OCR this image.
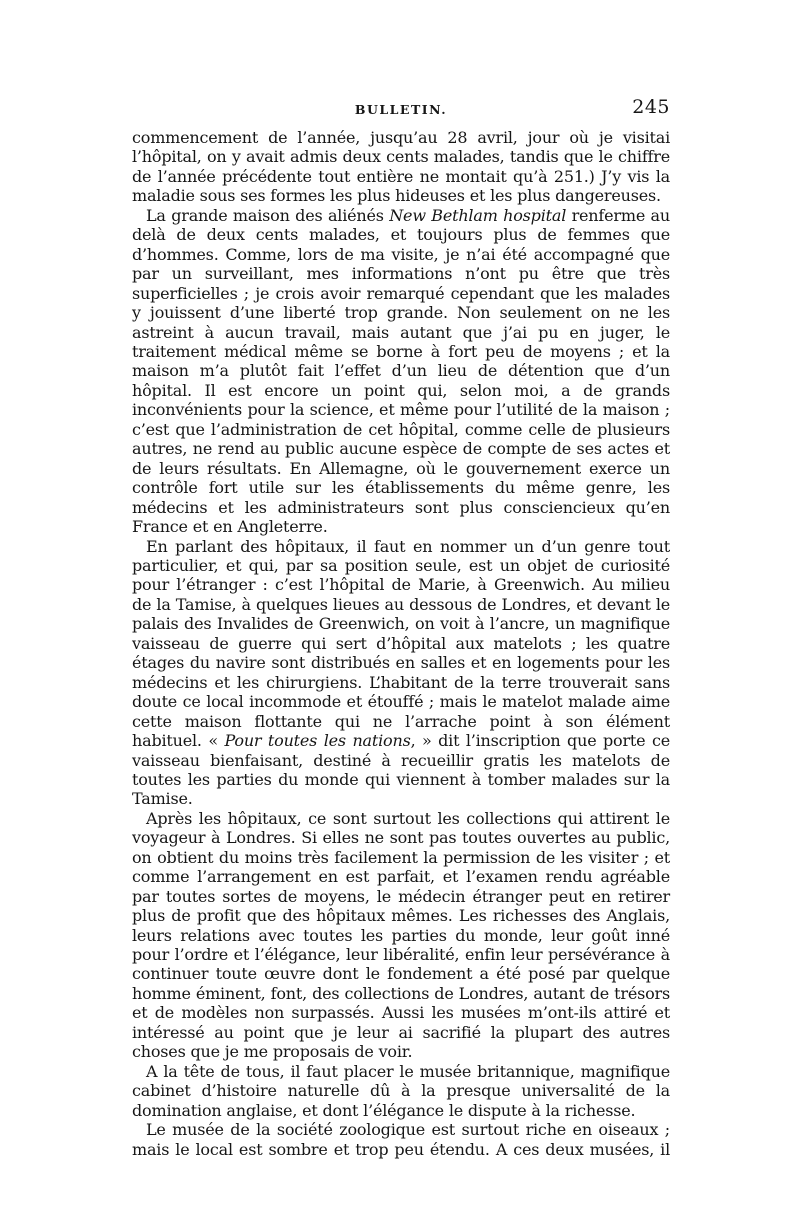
BULLETIN.	245

commencement de l’année, jusqu’au 28 avril, jour où je visitai l’hôpital, on y avait admis deux cents malades, tandis que le chiffre de l’année précédente tout entière ne montait qu’à 251.) J’y vis la maladie sous ses formes les plus hideuses et les plus dangereuses.

La grande maison des aliénés New Bethlam hospital renferme au delà de deux cents malades, et toujours plus de femmes que d’hommes. Comme, lors de ma visite, je n’ai été accompagné que par un surveillant, mes informations n’ont pu être que très superficielles ; je crois avoir remarqué cependant que les malades y jouissent d’une liberté trop grande. Non seulement on ne les astreint à aucun travail, mais autant que j’ai pu en juger, le traitement médical même se borne à fort peu de moyens ; et la maison m’a plutôt fait l’effet d’un lieu de détention que d’un hôpital. Il est encore un point qui, selon moi, a de grands inconvénients pour la science, et même pour l’utilité de la maison ; c’est que l’administration de cet hôpital, comme celle de plusieurs autres, ne rend au public aucune espèce de compte de ses actes et de leurs résultats. En Allemagne, où le gouvernement exerce un contrôle fort utile sur les établissements du même genre, les médecins et les administrateurs sont plus consciencieux qu’en France et en Angleterre.

En parlant des hôpitaux, il faut en nommer un d’un genre tout particulier, et qui, par sa position seule, est un objet de curiosité pour l’étranger : c’est l’hôpital de Marie, à Greenwich. Au milieu de la Tamise, à quelques lieues au dessous de Londres, et devant le palais des Invalides de Greenwich, on voit à l’ancre, un magnifique vaisseau de guerre qui sert d’hôpital aux matelots ; les quatre étages du navire sont distribués en salles et en logements pour les médecins et les chirurgiens. L’habitant de la terre trouverait sans doute ce local incommode et étouffé ; mais le matelot malade aime cette maison flottante qui ne l’arrache point à son élément habituel. « Pour toutes les nations, » dit l’inscription que porte ce vaisseau bienfaisant, destiné à recueillir gratis les matelots de toutes les parties du monde qui viennent à tomber malades sur la Tamise.

Après les hôpitaux, ce sont surtout les collections qui attirent le voyageur à Londres. Si elles ne sont pas toutes ouvertes au public, on obtient du moins très facilement la permission de les visiter ; et comme l’arrangement en est parfait, et l’examen rendu agréable par toutes sortes de moyens, le médecin étranger peut en retirer plus de profit que des hôpitaux mêmes. Les richesses des Anglais, leurs relations avec toutes les parties du monde, leur goût inné pour l’ordre et l’élégance, leur libéralité, enfin leur persévérance à continuer toute œuvre dont le fondement a été posé par quelque homme éminent, font, des collections de Londres, autant de trésors et de modèles non surpassés. Aussi les musées m’ont-ils attiré et intéressé au point que je leur ai sacrifié la plupart des autres choses que je me proposais de voir.

A la tête de tous, il faut placer le musée britannique, magnifique cabinet d’histoire naturelle dû à la presque universalité de la domination anglaise, et dont l’élégance le dispute à la richesse.

Le musée de la société zoologique est surtout riche en oiseaux ; mais le local est sombre et trop peu étendu. A ces deux musées, il
